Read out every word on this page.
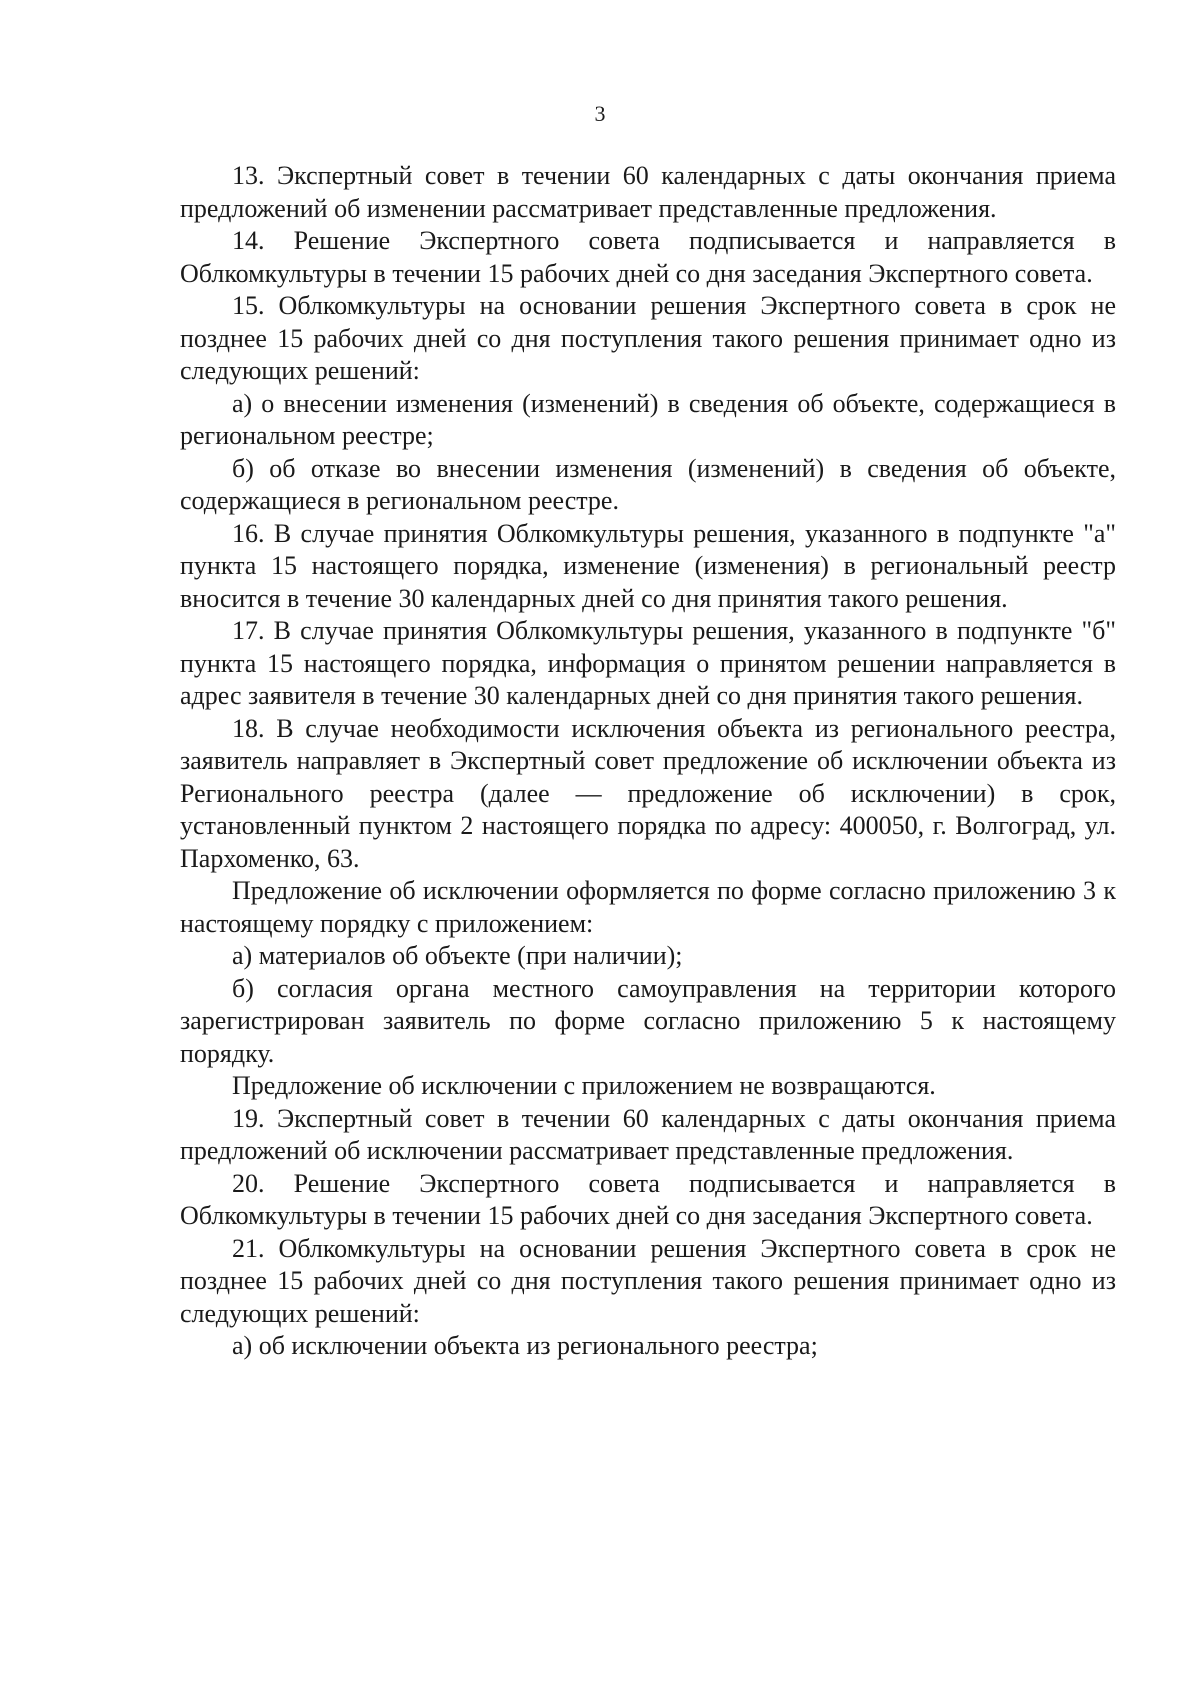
3

13. Экспертный совет в течении 60 календарных с даты окончания приема предложений об изменении рассматривает представленные предложения.

14. Решение Экспертного совета подписывается и направляется в Облкомкультуры в течении 15 рабочих дней со дня заседания Экспертного совета.

15. Облкомкультуры на основании решения Экспертного совета в срок не позднее 15 рабочих дней со дня поступления такого решения принимает одно из следующих решений:

а) о внесении изменения (изменений) в сведения об объекте, содержащиеся в региональном реестре;

б) об отказе во внесении изменения (изменений) в сведения об объекте, содержащиеся в региональном реестре.

16. В случае принятия Облкомкультуры решения, указанного в подпункте "а" пункта 15 настоящего порядка, изменение (изменения) в региональный реестр вносится в течение 30 календарных дней со дня принятия такого решения.

17. В случае принятия Облкомкультуры решения, указанного в подпункте "б" пункта 15 настоящего порядка, информация о принятом решении направляется в адрес заявителя в течение 30 календарных дней со дня принятия такого решения.

18. В случае необходимости исключения объекта из регионального реестра, заявитель направляет в Экспертный совет предложение об исключении объекта из Регионального реестра (далее — предложение об исключении) в срок, установленный пунктом 2 настоящего порядка по адресу: 400050, г. Волгоград, ул. Пархоменко, 63.

Предложение об исключении оформляется по форме согласно приложению 3 к настоящему порядку с приложением:

а) материалов об объекте (при наличии);

б) согласия органа местного самоуправления на территории которого зарегистрирован заявитель по форме согласно приложению 5 к настоящему порядку.

Предложение об исключении с приложением не возвращаются.

19. Экспертный совет в течении 60 календарных с даты окончания приема предложений об исключении рассматривает представленные предложения.

20. Решение Экспертного совета подписывается и направляется в Облкомкультуры в течении 15 рабочих дней со дня заседания Экспертного совета.

21. Облкомкультуры на основании решения Экспертного совета в срок не позднее 15 рабочих дней со дня поступления такого решения принимает одно из следующих решений:

а) об исключении объекта из регионального реестра;
